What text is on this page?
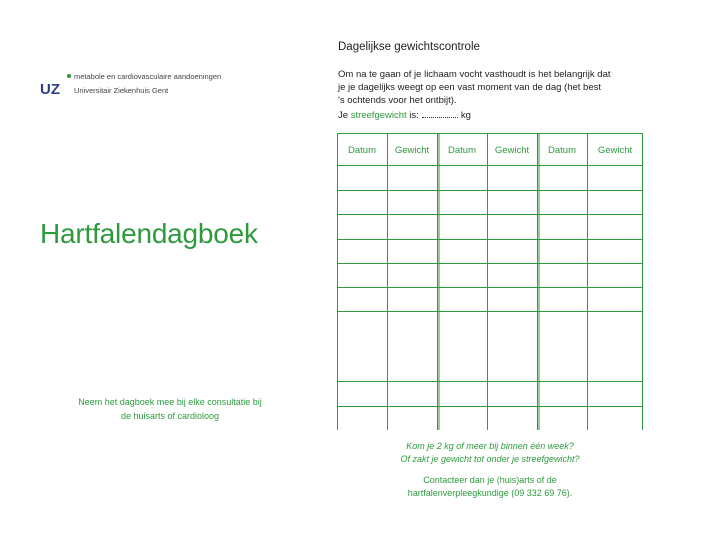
UZ
metabole en cardiovasculaire aandoeningen
Universitair Ziekenhuis Gent
Hartfalendagboek
Neem het dagboek mee bij elke consultatie bij
de huisarts of cardioloog
Dagelijkse gewichtscontrole
Om na te gaan of je lichaam vocht vasthoudt is het belangrijk dat
je je dagelijks weegt op een vast moment van de dag (het best
's ochtends voor het ontbijt).
Je streefgewicht is:	kg
Datum Gewicht Datum Gewicht Datum Gewicht
Kom je 2 kg of meer bij binnen één week?
Of zakt je gewicht tot onder je streefgewicht?
Contacteer dan je (huis)arts of de
hartfalenverpleegkundige (09 332 69 76).
